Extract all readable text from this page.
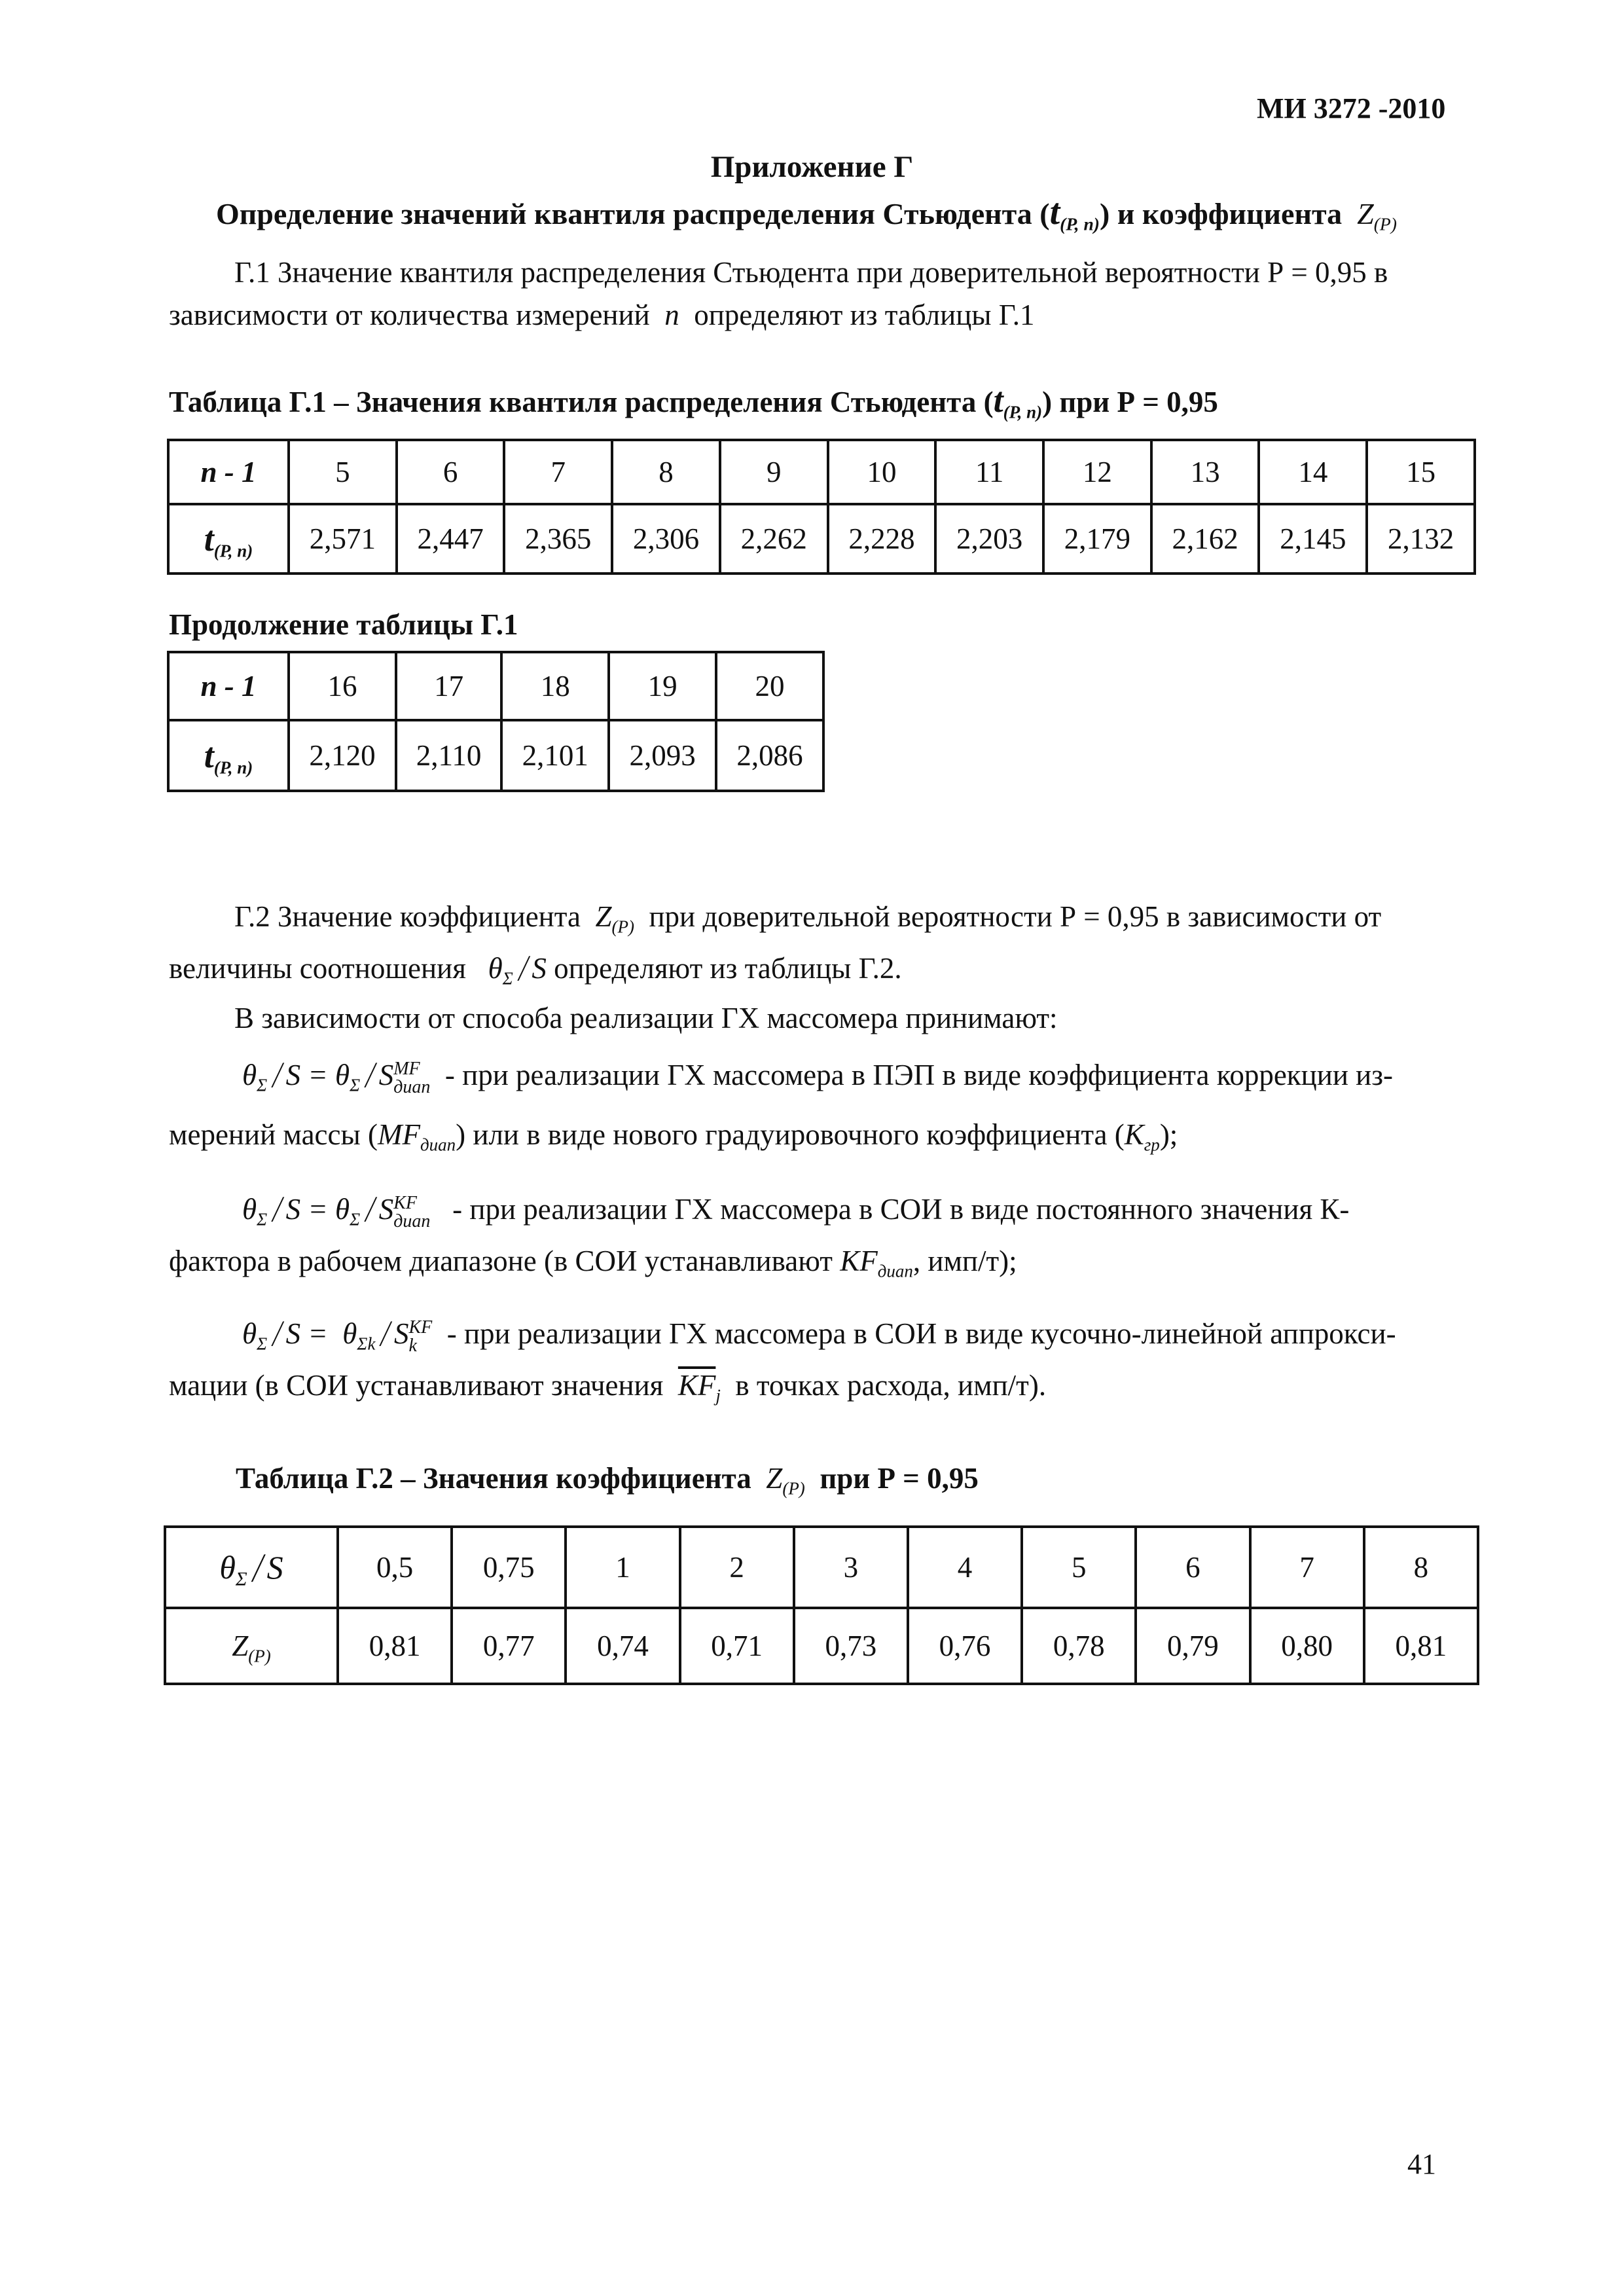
МИ 3272 -2010
Приложение Г
Определение значений квантиля распределения Стьюдента $(t_{(P, n)})$ и коэффициента $Z_{(P)}$
Г.1 Значение квантиля распределения Стьюдента при доверительной вероятности Р = 0,95 в
зависимости от количества измерений n определяют из таблицы Г.1
Таблица Г.1 – Значения квантиля распределения Стьюдента $(t_{(P, n)})$ при Р = 0,95
n - 1	5	6	7	8	9	10	11	12	13	14	15
$t_{(P, n)}$	2,571	2,447	2,365	2,306	2,262	2,228	2,203	2,179	2,162	2,145	2,132
Продолжение таблицы Г.1
n - 1	16	17	18	19	20
$t_{(P, n)}$	2,120	2,110	2,101	2,093	2,086
Г.2 Значение коэффициента $Z_{(P)}$ при доверительной вероятности Р = 0,95 в зависимости от
величины соотношения $\theta_\Sigma/S$ определяют из таблицы Г.2.
В зависимости от способа реализации ГХ массомера принимают:
$\theta_\Sigma/S = \theta_\Sigma/S$ MF
диап - при реализации ГХ массомера в ПЭП в виде коэффициента коррекции из-
мерений массы $(MF_{диап})$ или в виде нового градуировочного коэффициента $(K_{гр})$;
$\theta_\Sigma/S = \theta_\Sigma/S$ KF
диап - при реализации ГХ массомера в СОИ в виде постоянного значения К-
фактора в рабочем диапазоне (в СОИ устанавливают $KF_{диап}$, имп/т);
$\theta_\Sigma/S = \theta_{\Sigma k}/S$ KF
k	- при реализации ГХ массомера в СОИ в виде кусочно-линейной аппрокси-
мации (в СОИ устанавливают значения $\overline{KF}_j$ в точках расхода, имп/т).
Таблица Г.2 – Значения коэффициента $Z_{(P)}$ при Р = 0,95
$\theta_\Sigma/S$	0,5	0,75	1	2	3	4	5	6	7	8
$Z_{(P)}$	0,81	0,77	0,74	0,71	0,73	0,76	0,78	0,79	0,80	0,81
41
